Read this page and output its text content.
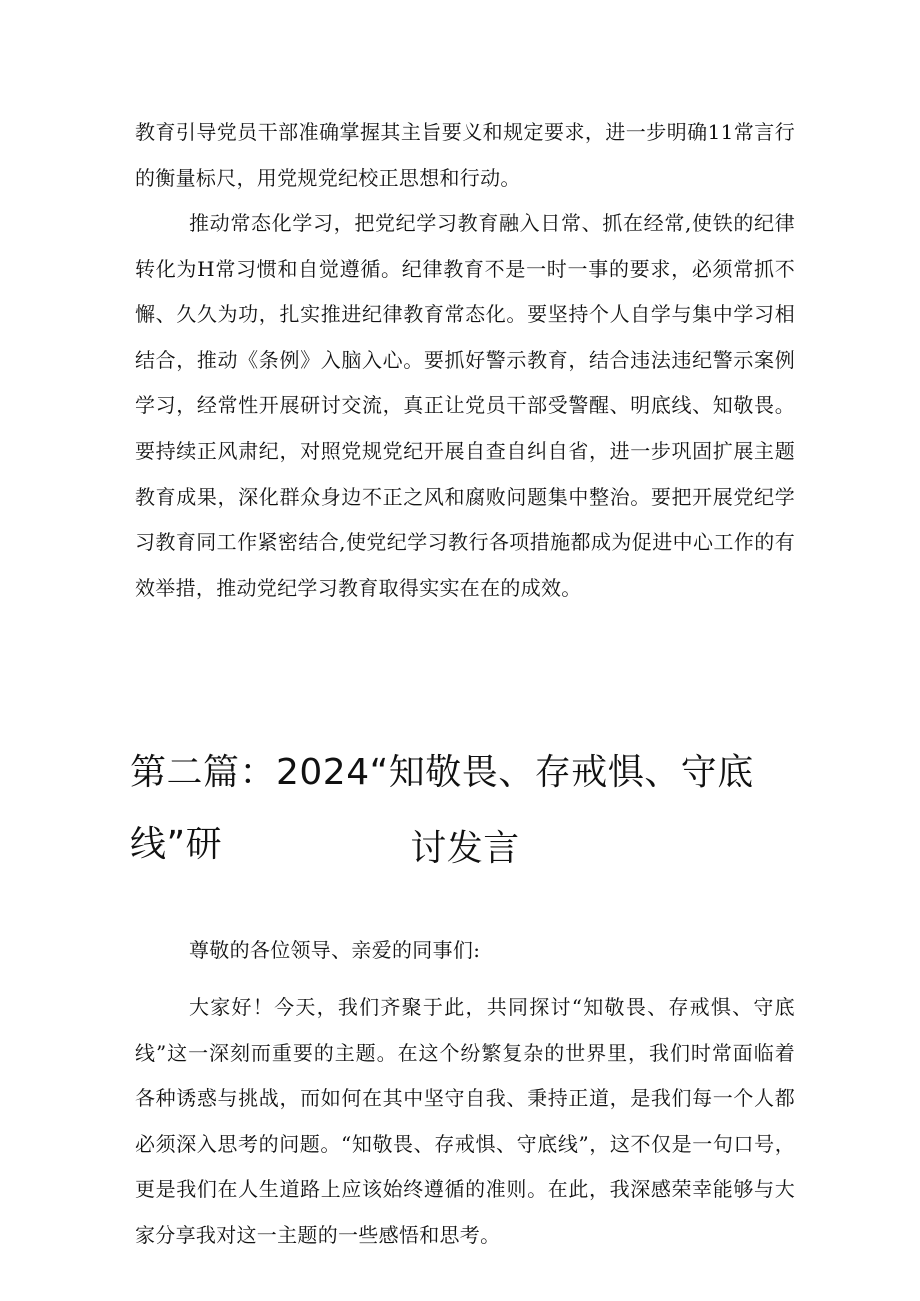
教育引导党员干部准确掌握其主旨要义和规定要求，进一步明确11常言行的衡量标尺，用党规党纪校正思想和行动。

推动常态化学习，把党纪学习教育融入日常、抓在经常,使铁的纪律转化为H常习惯和自觉遵循。纪律教育不是一时一事的要求，必须常抓不懈、久久为功，扎实推进纪律教育常态化。要坚持个人自学与集中学习相结合，推动《条例》入脑入心。要抓好警示教育，结合违法违纪警示案例学习，经常性开展研讨交流，真正让党员干部受警醒、明底线、知敬畏。要持续正风肃纪，对照党规党纪开展自查自纠自省，进一步巩固扩展主题教育成果，深化群众身边不正之风和腐败问题集中整治。要把开展党纪学习教育同工作紧密结合,使党纪学习教行各项措施都成为促进中心工作的有效举措，推动党纪学习教育取得实实在在的成效。

第二篇：2024“知敬畏、存戒惧、守底线”研	讨发言

尊敬的各位领导、亲爱的同事们:

大家好！今天，我们齐聚于此，共同探讨“知敬畏、存戒惧、守底线”这一深刻而重要的主题。在这个纷繁复杂的世界里，我们时常面临着各种诱惑与挑战，而如何在其中坚守自我、秉持正道，是我们每一个人都必须深入思考的问题。“知敬畏、存戒惧、守底线”，这不仅是一句口号，更是我们在人生道路上应该始终遵循的准则。在此，我深感荣幸能够与大家分享我对这一主题的一些感悟和思考。
